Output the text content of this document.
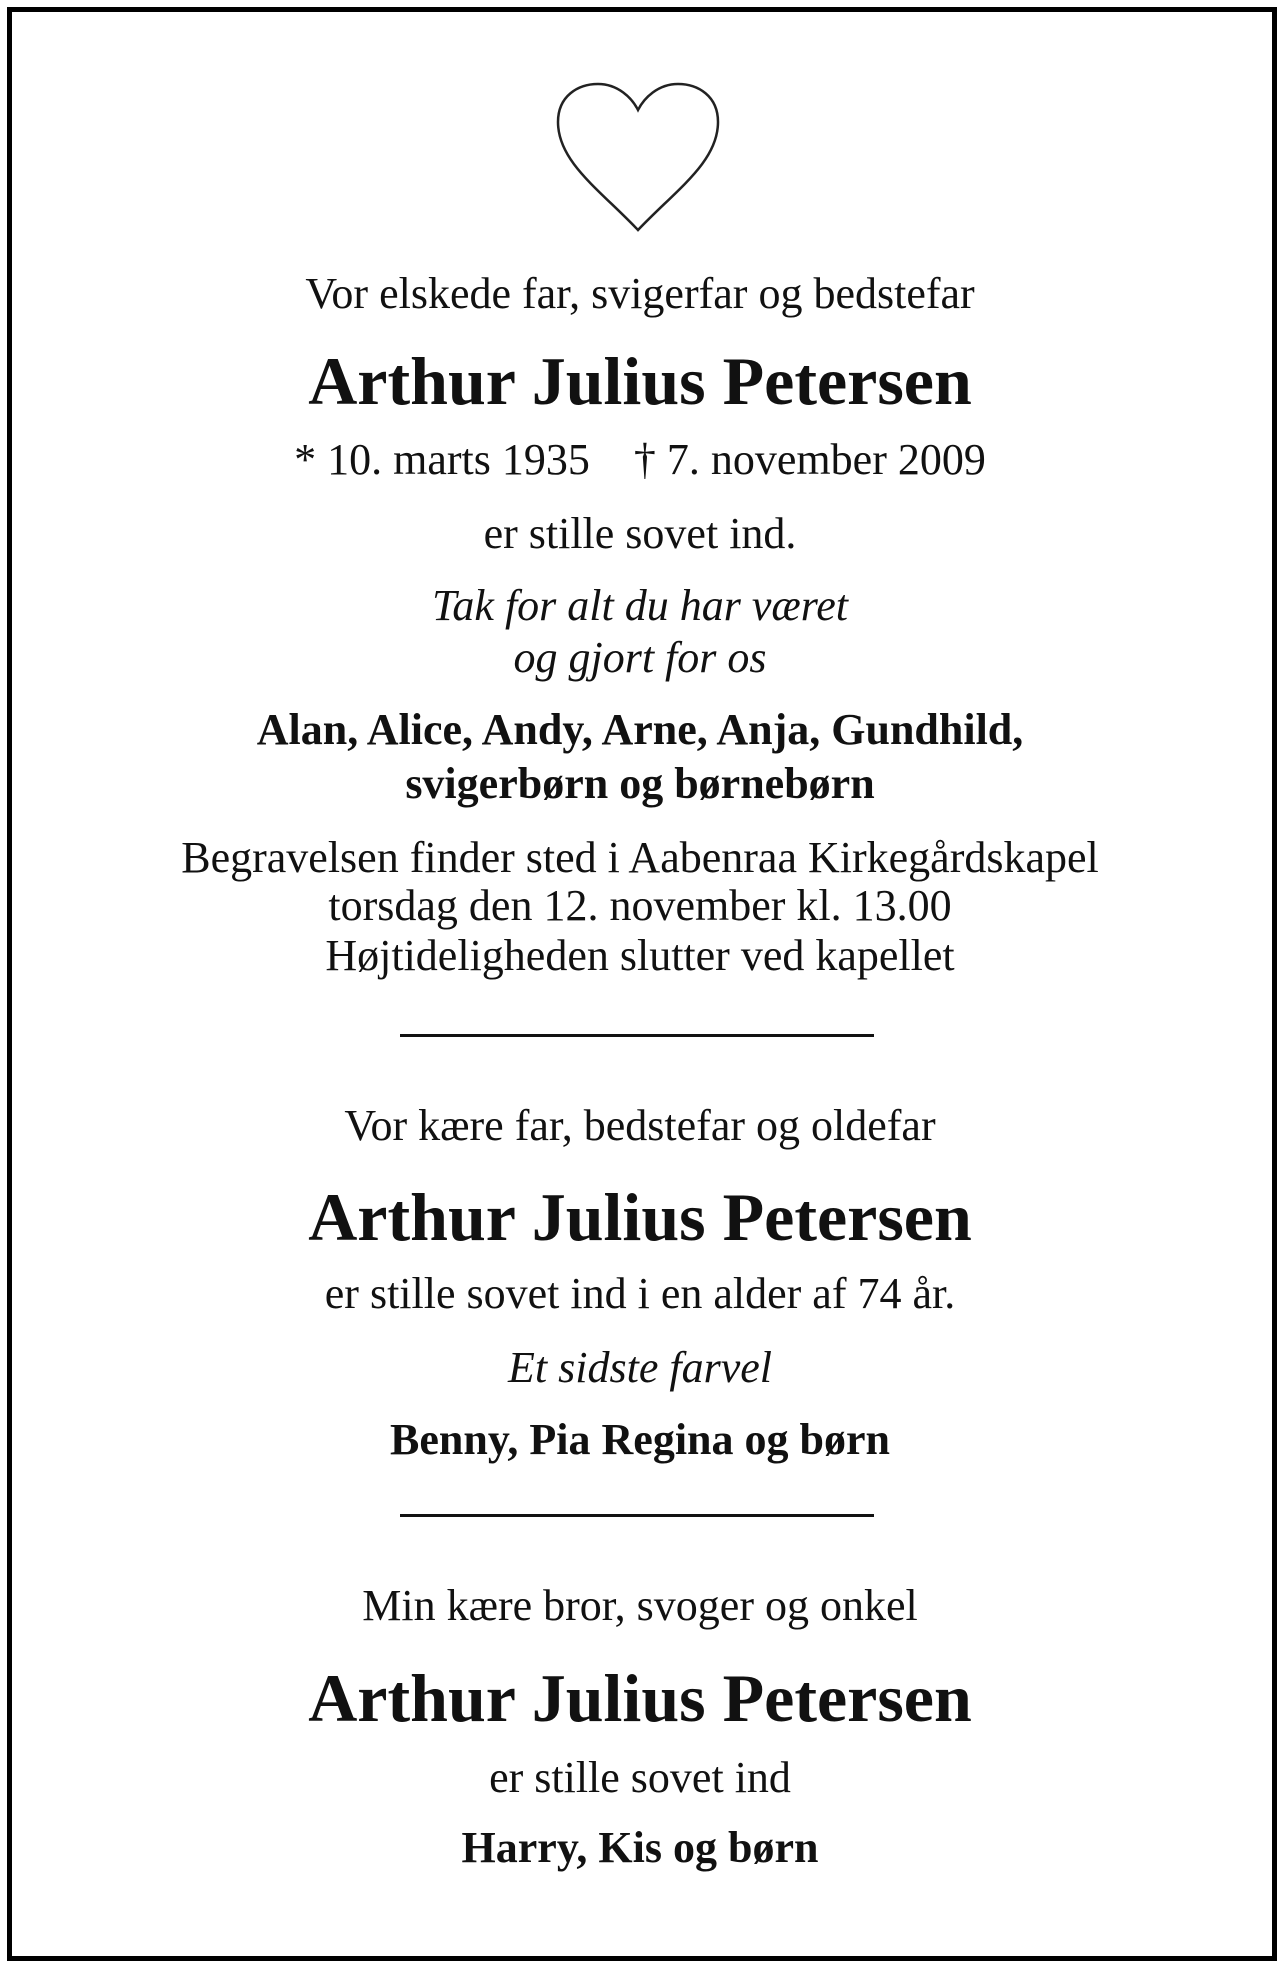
Vor elskede far, svigerfar og bedstefar
Arthur Julius Petersen
* 10. marts 1935 † 7. november 2009
er stille sovet ind.
Tak for alt du har været
og gjort for os
Alan, Alice, Andy, Arne, Anja, Gundhild,
svigerbørn og børnebørn
Begravelsen finder sted i Aabenraa Kirkegårdskapel
torsdag den 12. november kl. 13.00
Højtideligheden slutter ved kapellet
Vor kære far, bedstefar og oldefar
Arthur Julius Petersen
er stille sovet ind i en alder af 74 år.
Et sidste farvel
Benny, Pia Regina og børn
Min kære bror, svoger og onkel
Arthur Julius Petersen
er stille sovet ind
Harry, Kis og børn
